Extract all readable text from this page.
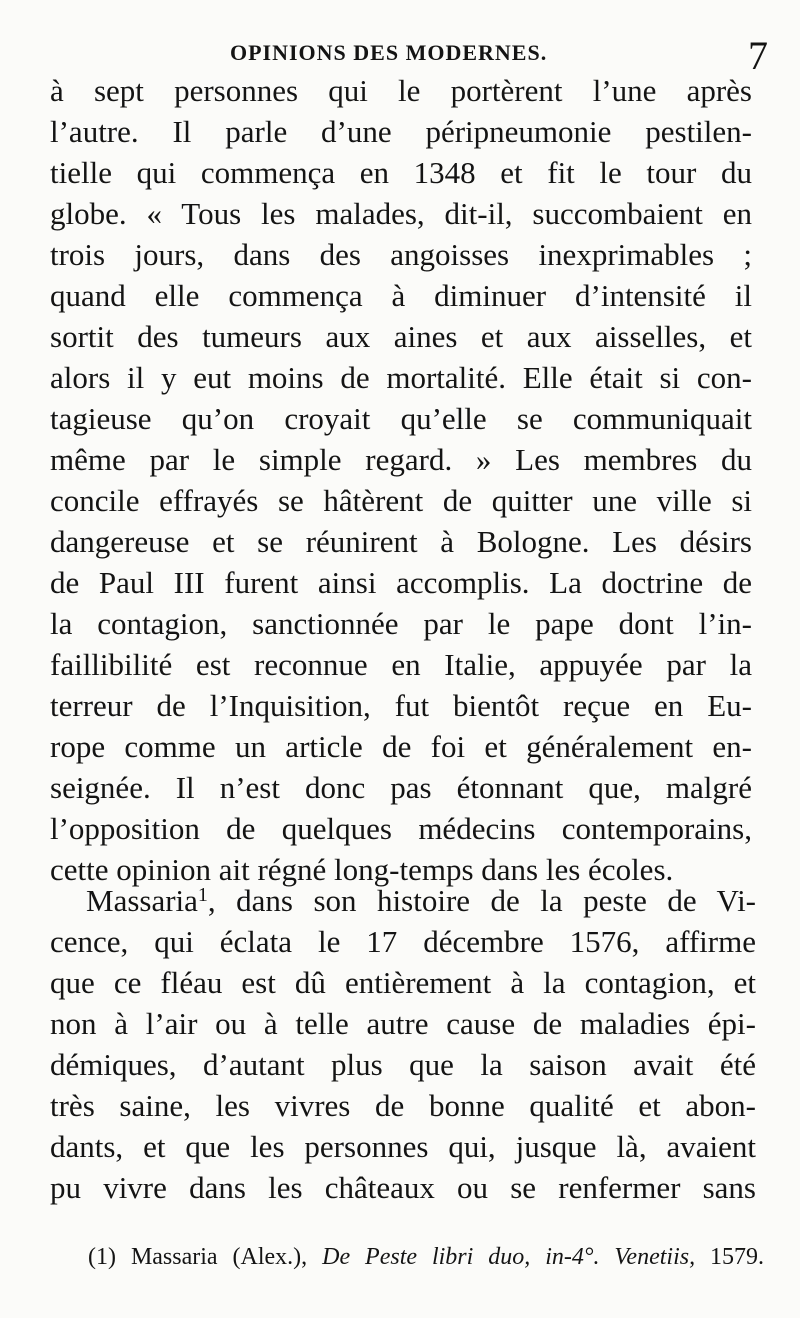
OPINIONS DES MODERNES.	7
à sept personnes qui le portèrent l’une après
l’autre. Il parle d’une péripneumonie pestilen-
tielle qui commença en 1348 et fit le tour du
globe. « Tous les malades, dit-il, succombaient en
trois jours, dans des angoisses inexprimables ;
quand elle commença à diminuer d’intensité il
sortit des tumeurs aux aines et aux aisselles, et
alors il y eut moins de mortalité. Elle était si con-
tagieuse qu’on croyait qu’elle se communiquait
même par le simple regard. » Les membres du
concile effrayés se hâtèrent de quitter une ville si
dangereuse et se réunirent à Bologne. Les désirs
de Paul III furent ainsi accomplis. La doctrine de
la contagion, sanctionnée par le pape dont l’in-
faillibilité est reconnue en Italie, appuyée par la
terreur de l’Inquisition, fut bientôt reçue en Eu-
rope comme un article de foi et généralement en-
seignée. Il n’est donc pas étonnant que, malgré
l’opposition de quelques médecins contemporains,
cette opinion ait régné long-temps dans les écoles.
Massaria$^1$, dans son histoire de la peste de Vi-
cence, qui éclata le 17 décembre 1576, affirme
que ce fléau est dû entièrement à la contagion, et
non à l’air ou à telle autre cause de maladies épi-
démiques, d’autant plus que la saison avait été
très saine, les vivres de bonne qualité et abon-
dants, et que les personnes qui, jusque là, avaient
pu vivre dans les châteaux ou se renfermer sans
(1) Massaria (Alex.), De Peste libri duo, in-4°. Venetiis, 1579.
